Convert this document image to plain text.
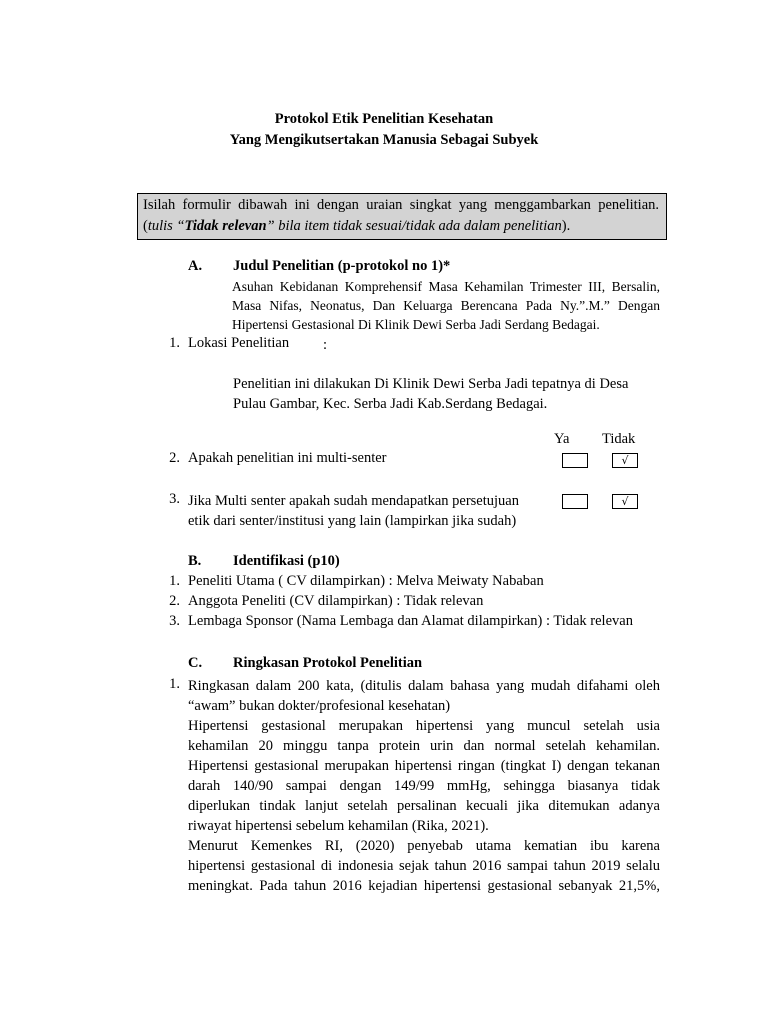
Protokol Etik Penelitian Kesehatan
Yang Mengikutsertakan Manusia Sebagai Subyek
Isilah formulir dibawah ini dengan uraian singkat yang menggambarkan penelitian.
(tulis “Tidak relevan” bila item tidak sesuai/tidak ada dalam penelitian).
A. Judul Penelitian (p-protokol no 1)*
Asuhan Kebidanan Komprehensif Masa Kehamilan Trimester III, Bersalin,
Masa Nifas, Neonatus, Dan Keluarga Berencana Pada Ny.”.M.” Dengan
Hipertensi Gestasional Di Klinik Dewi Serba Jadi Serdang Bedagai.
1. Lokasi Penelitian :
Penelitian ini dilakukan Di Klinik Dewi Serba Jadi tepatnya di Desa
Pulau Gambar, Kec. Serba Jadi Kab.Serdang Bedagai.
Ya Tidak
2. Apakah penelitian ini multi-senter	√
3. Jika Multi senter apakah sudah mendapatkan persetujuan
etik dari senter/institusi yang lain (lampirkan jika sudah)
√
B. Identifikasi (p10)
1. Peneliti Utama ( CV dilampirkan) : Melva Meiwaty Nababan
2. Anggota Peneliti (CV dilampirkan) : Tidak relevan
3. Lembaga Sponsor (Nama Lembaga dan Alamat dilampirkan) : Tidak relevan
C. Ringkasan Protokol Penelitian
1. Ringkasan dalam 200 kata, (ditulis dalam bahasa yang mudah difahami oleh
“awam” bukan dokter/profesional kesehatan)
Hipertensi gestasional merupakan hipertensi yang muncul setelah usia
kehamilan 20 minggu tanpa protein urin dan normal setelah kehamilan.
Hipertensi gestasional merupakan hipertensi ringan (tingkat I) dengan tekanan
darah 140/90 sampai dengan 149/99 mmHg, sehingga biasanya tidak
diperlukan tindak lanjut setelah persalinan kecuali jika ditemukan adanya
riwayat hipertensi sebelum kehamilan (Rika, 2021).
Menurut Kemenkes RI, (2020) penyebab utama kematian ibu karena
hipertensi gestasional di indonesia sejak tahun 2016 sampai tahun 2019 selalu
meningkat. Pada tahun 2016 kejadian hipertensi gestasional sebanyak 21,5%,
